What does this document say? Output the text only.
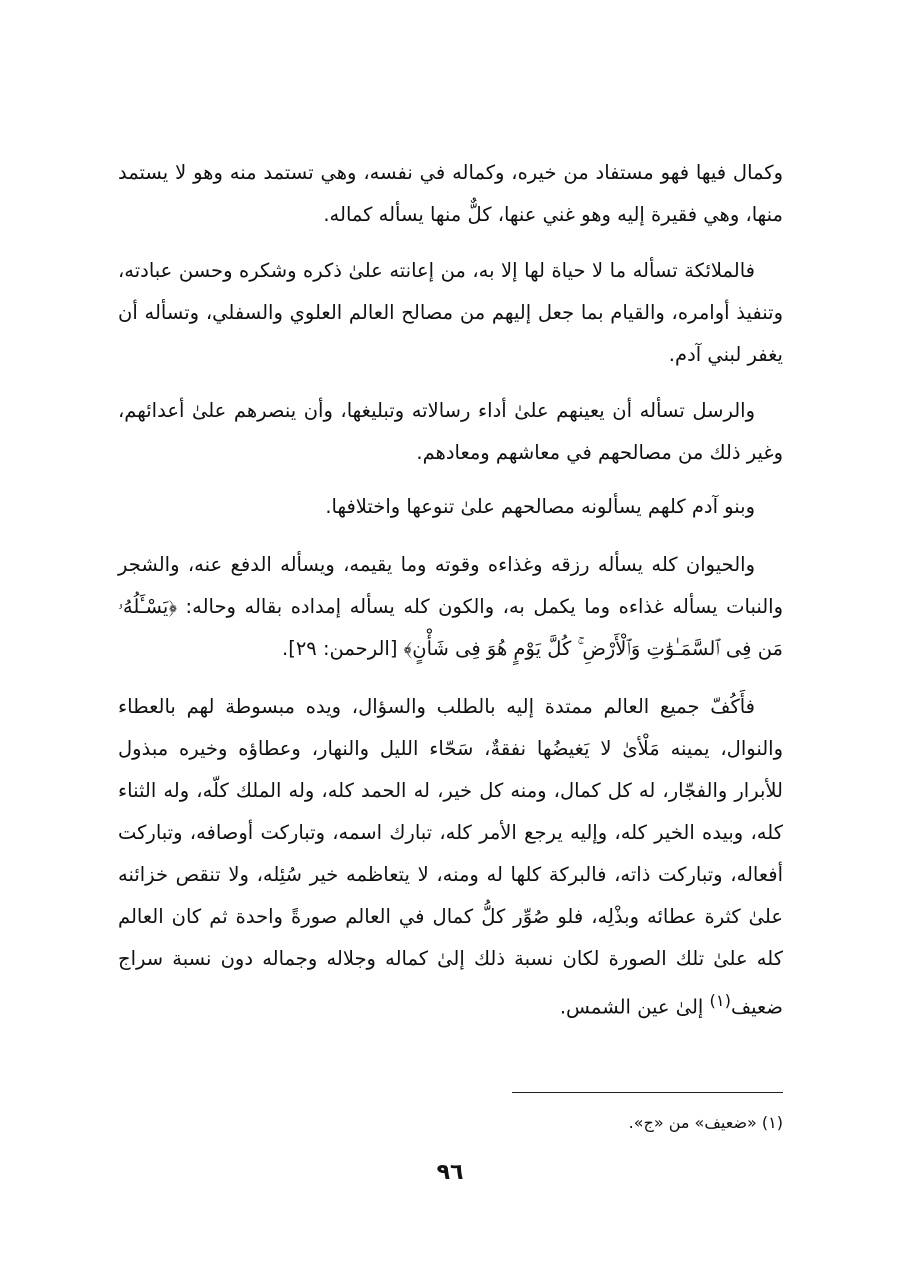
وكمال فيها فهو مستفاد من خيره، وكماله في نفسه، وهي تستمد منه وهو لا يستمد منها، وهي فقيرة إليه وهو غني عنها، كلٌّ منها يسأله كماله.

فالملائكة تسأله ما لا حياة لها إلا به، من إعانته علىٰ ذكره وشكره وحسن عبادته، وتنفيذ أوامره، والقيام بما جعل إليهم من مصالح العالم العلوي والسفلي، وتسأله أن يغفر لبني آدم.

والرسل تسأله أن يعينهم علىٰ أداء رسالاته وتبليغها، وأن ينصرهم علىٰ أعدائهم، وغير ذلك من مصالحهم في معاشهم ومعادهم.

وبنو آدم كلهم يسألونه مصالحهم علىٰ تنوعها واختلافها.

والحيوان كله يسأله رزقه وغذاءه وقوته وما يقيمه، ويسأله الدفع عنه، والشجر والنبات يسأله غذاءه وما يكمل به، والكون كله يسأله إمداده بقاله وحاله: ﴿يَسْـَٔلُهُۥ مَن فِى ٱلسَّمَـٰوَٰتِ وَٱلْأَرْضِ ۚ كُلَّ يَوْمٍ هُوَ فِى شَأْنٍ﴾ [الرحمن: ٢٩].

فأَكُفّ جميع العالم ممتدة إليه بالطلب والسؤال، ويده مبسوطة لهم بالعطاء والنوال، يمينه مَلْأىٰ لا يَغيضُها نفقةٌ، سَحّاء الليل والنهار، وعطاؤه وخيره مبذول للأبرار والفجّار، له كل كمال، ومنه كل خير، له الحمد كله، وله الملك كلّه، وله الثناء كله، وبيده الخير كله، وإليه يرجع الأمر كله، تبارك اسمه، وتباركت أوصافه، وتباركت أفعاله، وتباركت ذاته، فالبركة كلها له ومنه، لا يتعاظمه خير سُئِله، ولا تنقص خزائنه علىٰ كثرة عطائه وبذْلِه، فلو صُوِّر كلُّ كمال في العالم صورةً واحدة ثم كان العالم كله علىٰ تلك الصورة لكان نسبة ذلك إلىٰ كماله وجلاله وجماله دون نسبة سراج ضعيف$^{(١)}$ إلىٰ عين الشمس.

(١) «ضعيف» من «ج».
٩٦
